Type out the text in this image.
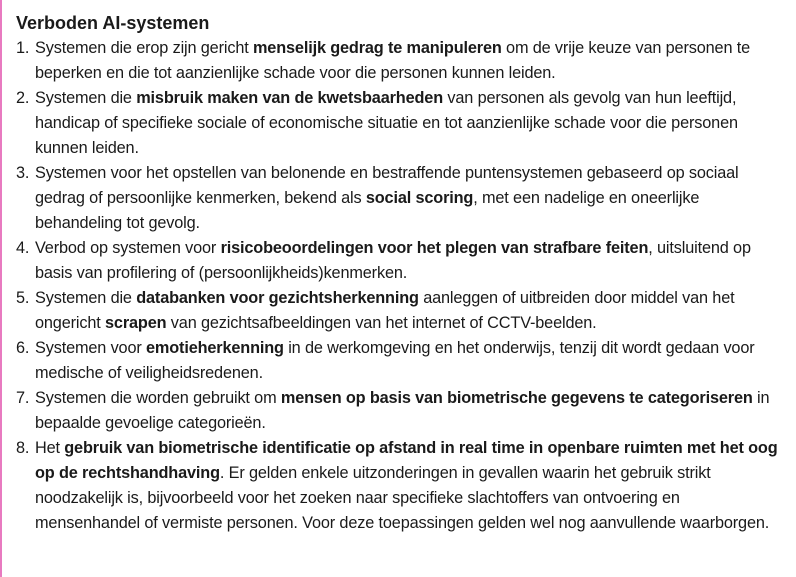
Verboden AI-systemen
1. Systemen die erop zijn gericht menselijk gedrag te manipuleren om de vrije keuze van personen te beperken en die tot aanzienlijke schade voor die personen kunnen leiden.
2. Systemen die misbruik maken van de kwetsbaarheden van personen als gevolg van hun leeftijd, handicap of specifieke sociale of economische situatie en tot aanzienlijke schade voor die personen kunnen leiden.
3. Systemen voor het opstellen van belonende en bestraffende puntensystemen gebaseerd op sociaal gedrag of persoonlijke kenmerken, bekend als social scoring, met een nadelige en oneerlijke behandeling tot gevolg.
4. Verbod op systemen voor risicobeoordelingen voor het plegen van strafbare feiten, uitsluitend op basis van profilering of (persoonlijkheids)kenmerken.
5. Systemen die databanken voor gezichtsherkenning aanleggen of uitbreiden door middel van het ongericht scrapen van gezichtsafbeeldingen van het internet of CCTV-beelden.
6. Systemen voor emotieherkenning in de werkomgeving en het onderwijs, tenzij dit wordt gedaan voor medische of veiligheidsredenen.
7. Systemen die worden gebruikt om mensen op basis van biometrische gegevens te categoriseren in bepaalde gevoelige categorieën.
8. Het gebruik van biometrische identificatie op afstand in real time in openbare ruimten met het oog op de rechtshandhaving. Er gelden enkele uitzonderingen in gevallen waarin het gebruik strikt noodzakelijk is, bijvoorbeeld voor het zoeken naar specifieke slachtoffers van ontvoering en mensenhandel of vermiste personen. Voor deze toepassingen gelden wel nog aanvullende waarborgen.
